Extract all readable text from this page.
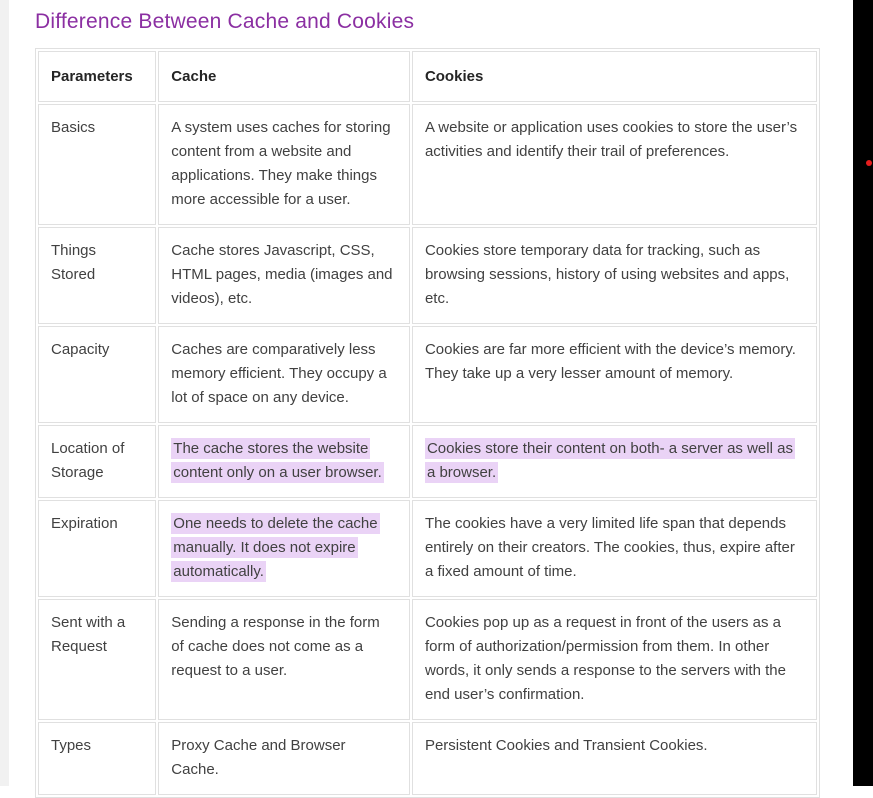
Difference Between Cache and Cookies
Parameters	Cache	Cookies
Basics	A system uses caches for storing content from a website and applications. They make things more accessible for a user.	A website or application uses cookies to store the user’s activities and identify their trail of preferences.
Things Stored	Cache stores Javascript, CSS, HTML pages, media (images and videos), etc.	Cookies store temporary data for tracking, such as browsing sessions, history of using websites and apps, etc.
Capacity	Caches are comparatively less memory efficient. They occupy a lot of space on any device.	Cookies are far more efficient with the device’s memory. They take up a very lesser amount of memory.
Location of Storage	The cache stores the website content only on a user browser.	Cookies store their content on both- a server as well as a browser.
Expiration	One needs to delete the cache manually. It does not expire automatically.	The cookies have a very limited life span that depends entirely on their creators. The cookies, thus, expire after a fixed amount of time.
Sent with a Request	Sending a response in the form of cache does not come as a request to a user.	Cookies pop up as a request in front of the users as a form of authorization/permission from them. In other words, it only sends a response to the servers with the end user’s confirmation.
Types	Proxy Cache and Browser Cache.	Persistent Cookies and Transient Cookies.
